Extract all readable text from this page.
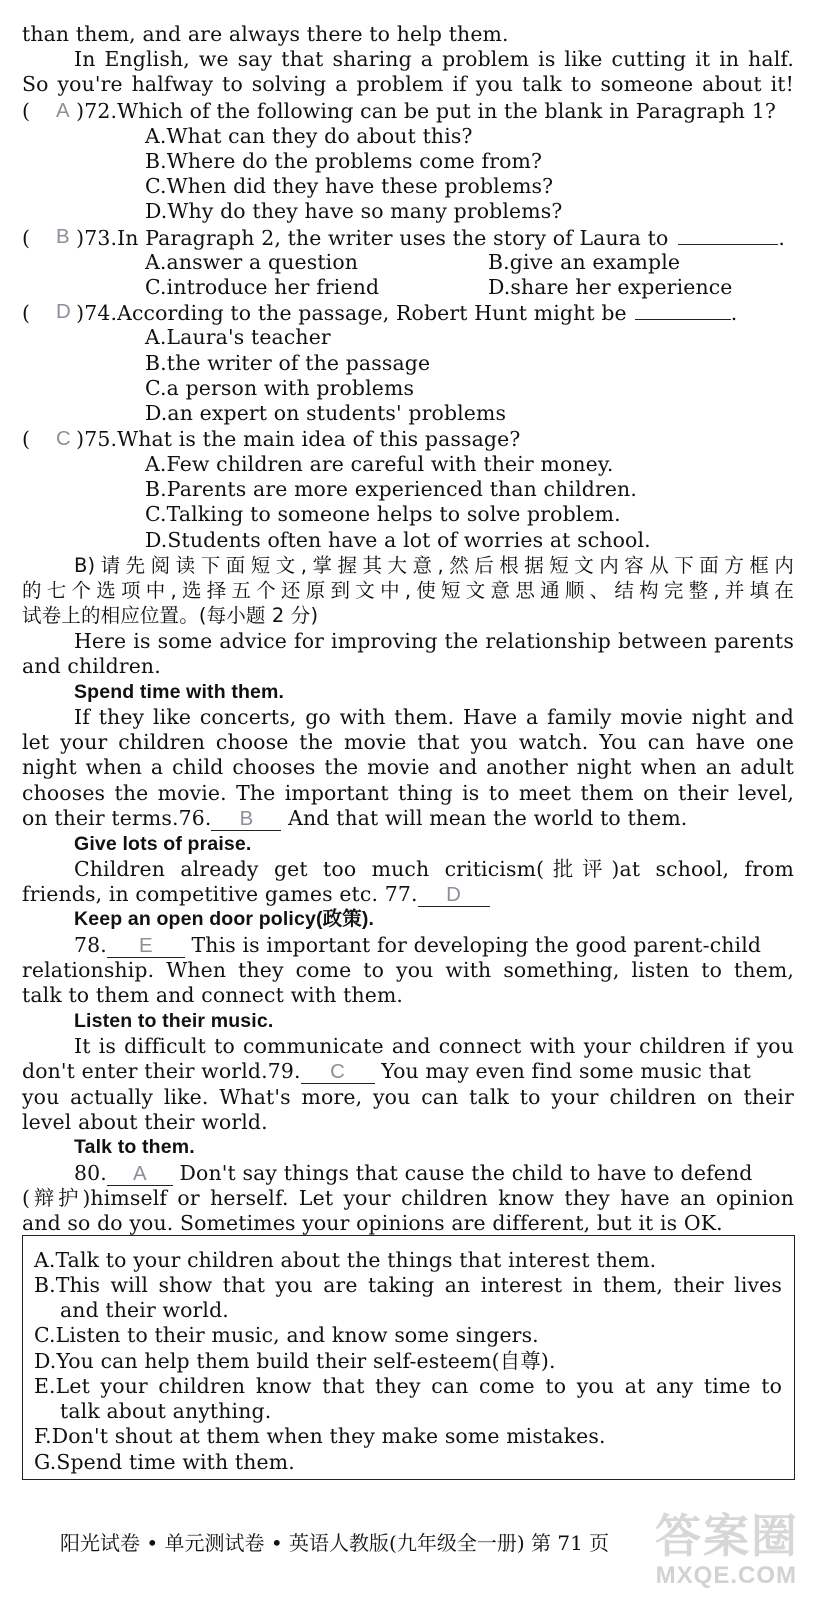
than them, and are always there to help them.
In English, we say that sharing a problem is like cutting it in half.
So you're halfway to solving a problem if you talk to someone about it!
( A )72.Which of the following can be put in the blank in Paragraph 1?
A.What can they do about this?
B.Where do the problems come from?
C.When did they have these problems?
D.Why do they have so many problems?
( B )73.In Paragraph 2, the writer uses the story of Laura to	.
A.answer a question	B.give an example
C.introduce her friend	D.share her experience
( D )74.According to the passage, Robert Hunt might be	.
A.Laura's teacher
B.the writer of the passage
C.a person with problems
D.an expert on students' problems
( C )75.What is the main idea of this passage?
A.Few children are careful with their money.
B.Parents are more experienced than children.
C.Talking to someone helps to solve problem.
D.Students often have a lot of worries at school.
B)请先阅读下面短文,掌握其大意,然后根据短文内容从下面方框内
的七个选项中,选择五个还原到文中,使短文意思通顺、结构完整,并填在
试卷上的相应位置。(每小题 2 分)
Here is some advice for improving the relationship between parents
and children.
Spend time with them.
If they like concerts, go with them. Have a family movie night and
let your children choose the movie that you watch. You can have one
night when a child chooses the movie and another night when an adult
chooses the movie. The important thing is to meet them on their level,
on their terms.76. B And that will mean the world to them.
Give lots of praise.
Children already get too much criticism(批评)at school, from
friends, in competitive games etc. 77. D
Keep an open door policy(政策).
78. E This is important for developing the good parent-child
relationship. When they come to you with something, listen to them,
talk to them and connect with them.
Listen to their music.
It is difficult to communicate and connect with your children if you
don't enter their world.79. C You may even find some music that
you actually like. What's more, you can talk to your children on their
level about their world.
Talk to them.
80. A Don't say things that cause the child to have to defend
(辩护)himself or herself. Let your children know they have an opinion
and so do you. Sometimes your opinions are different, but it is OK.
A.Talk to your children about the things that interest them.
B.This will show that you are taking an interest in them, their lives
and their world.
C.Listen to their music, and know some singers.
D.You can help them build their self-esteem(自尊).
E.Let your children know that they can come to you at any time to
talk about anything.
F.Don't shout at them when they make some mistakes.
G.Spend time with them.
答案圈
MXQE.COM
阳光试卷 • 单元测试卷 • 英语人教版(九年级全一册) 第 71 页
